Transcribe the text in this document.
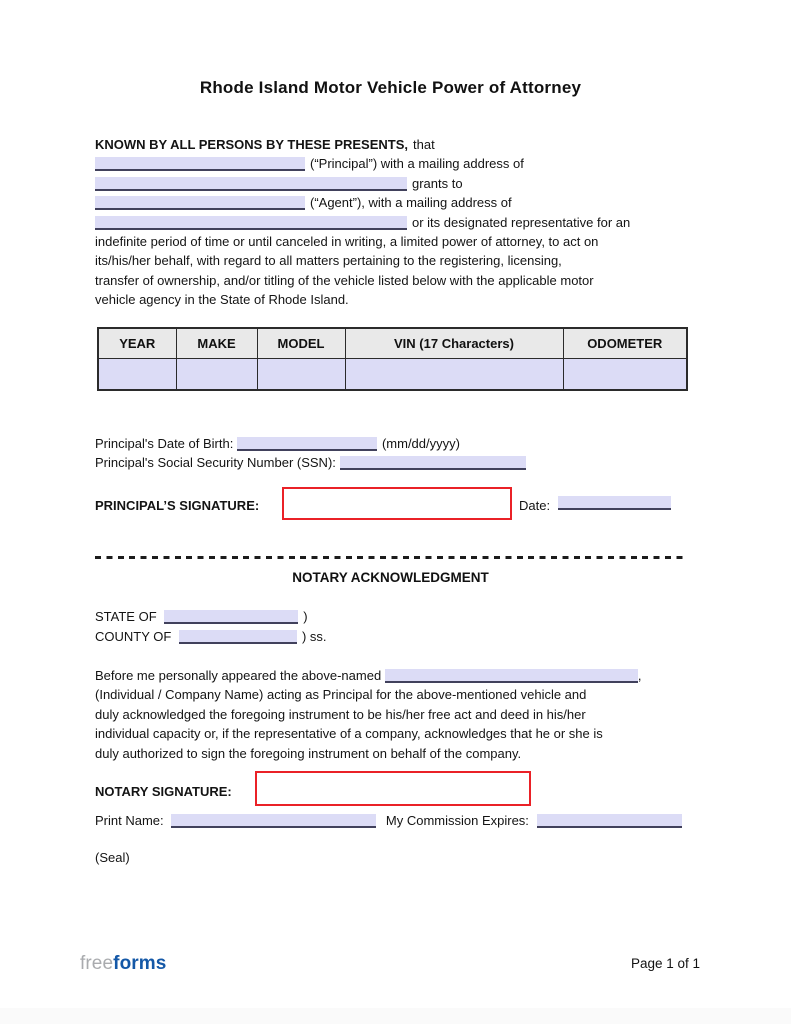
Rhode Island Motor Vehicle Power of Attorney
KNOWN BY ALL PERSONS BY THESE PRESENTS, that
(“Principal”) with a mailing address of
grants to
(“Agent”), with a mailing address of
or its designated representative for an
indefinite period of time or until canceled in writing, a limited power of attorney, to act on
its/his/her behalf, with regard to all matters pertaining to the registering, licensing,
transfer of ownership, and/or titling of the vehicle listed below with the applicable motor
vehicle agency in the State of Rhode Island.
YEAR	MAKE	MODEL	VIN (17 Characters)	ODOMETER

Principal's Date of Birth:	(mm/dd/yyyy)
Principal's Social Security Number (SSN):
PRINCIPAL’S SIGNATURE:	Date:
NOTARY ACKNOWLEDGMENT
STATE OF	)
COUNTY OF	) ss.
Before me personally appeared the above-named	,
(Individual / Company Name) acting as Principal for the above-mentioned vehicle and
duly acknowledged the foregoing instrument to be his/her free act and deed in his/her
individual capacity or, if the representative of a company, acknowledges that he or she is
duly authorized to sign the foregoing instrument on behalf of the company.
NOTARY SIGNATURE:
Print Name:	My Commission Expires:
(Seal)
freeforms	Page 1 of 1
